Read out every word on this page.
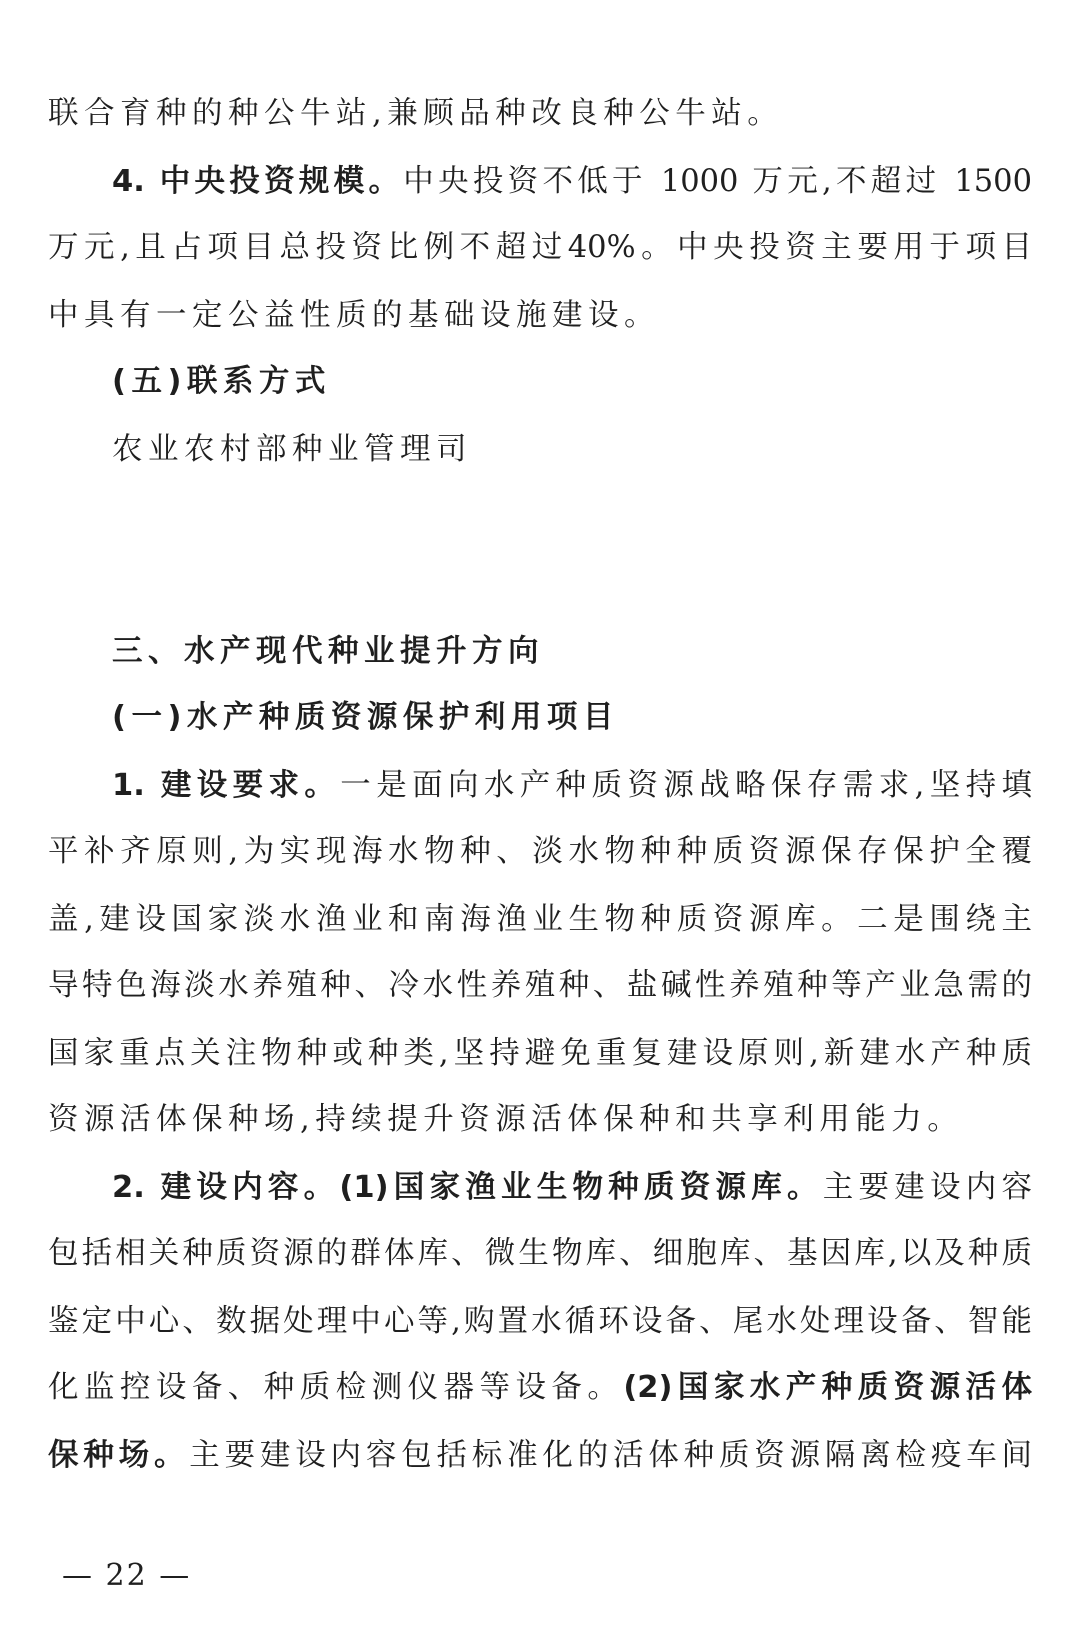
联合育种的种公牛站,兼顾品种改良种公牛站。
4. 中央投资规模。中央投资不低于 1000 万元,不超过 1500
万元,且占项目总投资比例不超过40%。中央投资主要用于项目
中具有一定公益性质的基础设施建设。
(五)联系方式
农业农村部种业管理司
三、水产现代种业提升方向
(一)水产种质资源保护利用项目
1. 建设要求。一是面向水产种质资源战略保存需求,坚持填
平补齐原则,为实现海水物种、淡水物种种质资源保存保护全覆
盖,建设国家淡水渔业和南海渔业生物种质资源库。二是围绕主
导特色海淡水养殖种、冷水性养殖种、盐碱性养殖种等产业急需的
国家重点关注物种或种类,坚持避免重复建设原则,新建水产种质
资源活体保种场,持续提升资源活体保种和共享利用能力。
2. 建设内容。(1)国家渔业生物种质资源库。主要建设内容
包括相关种质资源的群体库、微生物库、细胞库、基因库,以及种质
鉴定中心、数据处理中心等,购置水循环设备、尾水处理设备、智能
化监控设备、种质检测仪器等设备。(2)国家水产种质资源活体
保种场。主要建设内容包括标准化的活体种质资源隔离检疫车间
— 22 —
